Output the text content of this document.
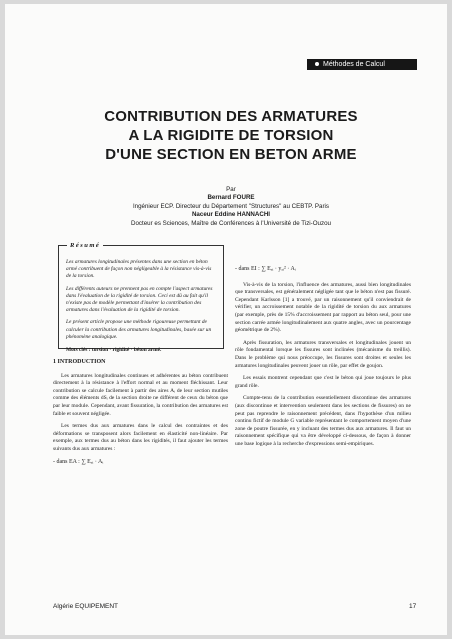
Méthodes de Calcul
CONTRIBUTION DES ARMATURES
A LA RIGIDITE DE TORSION
D'UNE SECTION EN BETON ARME
Par
Bernard FOURE
Ingénieur ECP. Directeur du Département "Structures" au CEBTP. Paris
Naceur Eddine HANNACHI
Docteur es Sciences, Maître de Conférences à l'Université de Tizi-Ouzou
Résumé

Les armatures longitudinales présentes dans une section en béton armé contribuent de façon non négligeable à la résistance vis-à-vis de la torsion.

Les différents auteurs ne prennent pas en compte l'aspect armatures dans l'évaluation de la rigidité de torsion. Ceci est dû au fait qu'il n'existe pas de modèle permettant d'insérer la contribution des armatures dans l'évaluation de la rigidité de torsion.

Le présent article propose une méthode rigoureuse permettant de calculer la contribution des armatures longitudinales, basée sur un phénomène analogique.

Mots clés : torsion · rigidité · béton armé.

1 INTRODUCTION

Les armatures longitudinales continues et adhérentes au béton contribuent directement à la résistance à l'effort normal et au moment fléchissant. Leur contribution se calcule facilement à partir des aires Aᵢ de leur section mutiles comme des éléments dSᵢ de la section droite ne différent de ceux du béton que par leur module. Cependant, avant fissuration, la contribution des armatures est faible et souvent négligée.

Les termes dus aux armatures dans le calcul des contraintes et des déformations se transposent alors facilement en élasticité non-linéaire. Par exemple, aux termes dus au béton dans les rigidités, il faut ajouter les termes suivants dus aux armatures :

- dans EA : ∑ Eₐᵢ · Aᵢ
- dans EI : ∑ Eₐᵢ · yₐᵢ² · Aᵢ

Vis-à-vis de la torsion, l'influence des armatures, aussi bien longitudinales que transversales, est généralement négligée tant que le béton n'est pas fissuré. Cependant Karlsson [1] a trouvé, par un raisonnement qu'il conviendrait de vérifier, un accroissement notable de la rigidité de torsion du aux armatures (par exemple, près de 15% d'accroissement par rapport au béton seul, pour une section carrée armée longitudinalement aux quatre angles, avec un pourcentage géométrique de 2%).

Après fissuration, les armatures transversales et longitudinales jouent un rôle fondamental lorsque les fissures sont inclinées (mécanisme du treillis). Dans le problème qui nous préoccupe, les fissures sont droites et seules les armatures longitudinales peuvent jouer un rôle, par effet de goujon.

Les essais montrent cependant que c'est le béton qui joue toujours le plus grand rôle.

Compte-tenu de la contribution essentiellement discontinue des armatures (aux discontinue et intervention seulement dans les sections de fissures) on ne peut pas reprendre le raisonnement précédent, dans l'hypothèse d'un milieu continu fictif de module G variable représentant le comportement moyen d'une zone de poutre fissurée, en y incluant des termes dus aux armatures. Il faut un raisonnement spécifique qui va être développé ci-dessous, de façon à donner une base logique à la recherche d'expressions semi-empiriques.

Algérie EQUIPEMENT	17
